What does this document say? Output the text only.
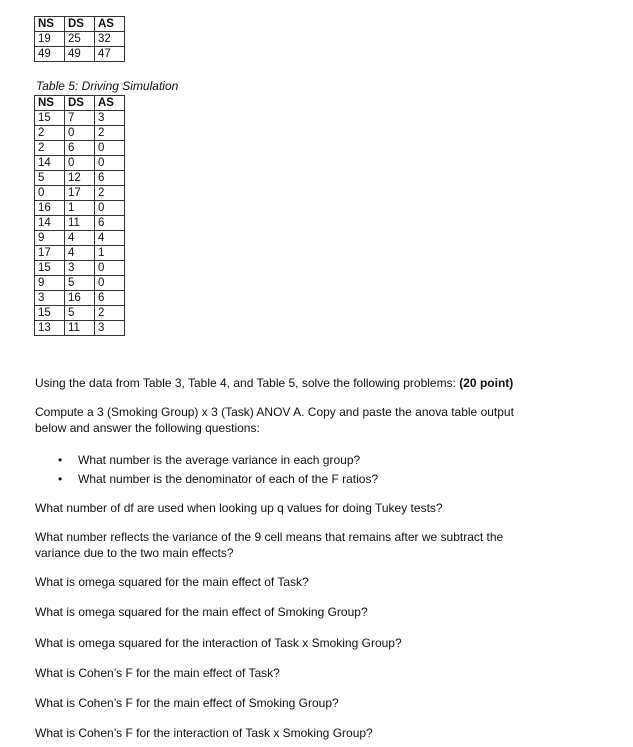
NS	DS	AS
19	25	32
49	49	47
Table 5: Driving Simulation
NS	DS	AS
15	7	3
2	0	2
2	6	0
14	0	0
5	12	6
0	17	2
16	1	0
14	11	6
9	4	4
17	4	1
15	3	0
9	5	0
3	16	6
15	5	2
13	11	3
Using the data from Table 3, Table 4, and Table 5, solve the following problems: (20 point)
Compute a 3 (Smoking Group) x 3 (Task) ANOV A. Copy and paste the anova table output
below and answer the following questions:
• What number is the average variance in each group?
• What number is the denominator of each of the F ratios?
What number of df are used when looking up q values for doing Tukey tests?
What number reflects the variance of the 9 cell means that remains after we subtract the
variance due to the two main effects?
What is omega squared for the main effect of Task?
What is omega squared for the main effect of Smoking Group?
What is omega squared for the interaction of Task x Smoking Group?
What is Cohen’s F for the main effect of Task?
What is Cohen’s F for the main effect of Smoking Group?
What is Cohen’s F for the interaction of Task x Smoking Group?
